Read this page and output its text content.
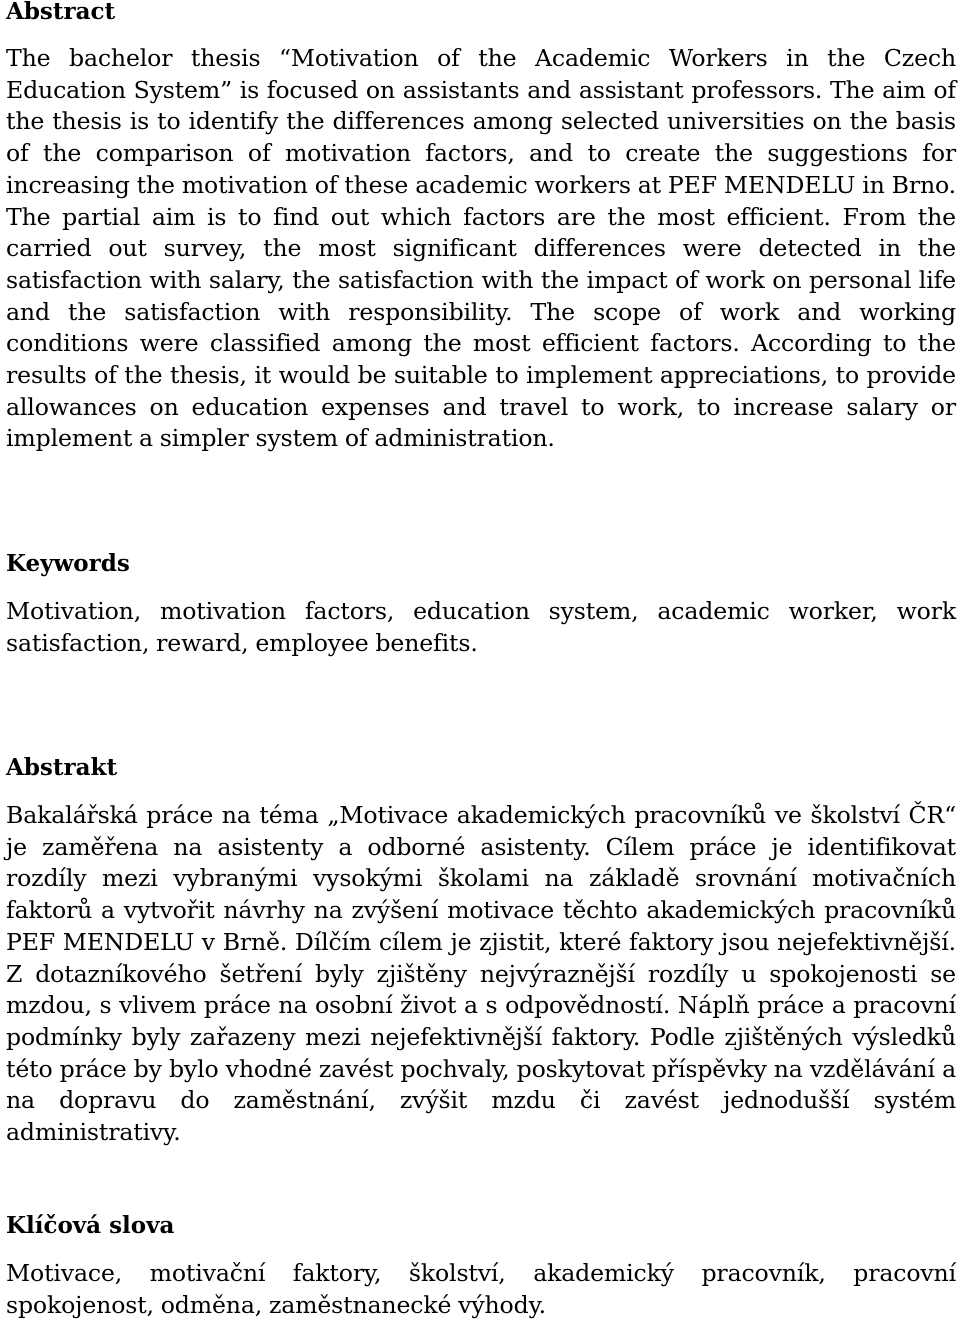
Abstract

The bachelor thesis “Motivation of the Academic Workers in the Czech Education System” is focused on assistants and assistant professors. The aim of the thesis is to identify the differences among selected universities on the basis of the comparison of motivation factors, and to create the suggestions for increasing the motivation of these academic workers at PEF MENDELU in Brno. The partial aim is to find out which factors are the most efficient. From the carried out survey, the most significant differences were detected in the satisfaction with salary, the satisfaction with the impact of work on personal life and the satisfaction with responsibility. The scope of work and working conditions were classified among the most efficient factors. According to the results of the thesis, it would be suitable to implement appreciations, to provide allowances on education expenses and travel to work, to increase salary or implement a simpler system of administration.

Keywords

Motivation, motivation factors, education system, academic worker, work satisfaction, reward, employee benefits.

Abstrakt

Bakalářská práce na téma „Motivace akademických pracovníků ve školství ČR“ je zaměřena na asistenty a odborné asistenty. Cílem práce je identifikovat rozdíly mezi vybranými vysokými školami na základě srovnání motivačních faktorů a vytvořit návrhy na zvýšení motivace těchto akademických pracovníků PEF MENDELU v Brně. Dílčím cílem je zjistit, které faktory jsou nejefektivnější. Z dotazníkového šetření byly zjištěny nejvýraznější rozdíly u spokojenosti se mzdou, s vlivem práce na osobní život a s odpovědností. Náplň práce a pracovní podmínky byly zařazeny mezi nejefektivnější faktory. Podle zjištěných výsledků této práce by bylo vhodné zavést pochvaly, poskytovat příspěvky na vzdělávání a na dopravu do zaměstnání, zvýšit mzdu či zavést jednodušší systém administrativy.

Klíčová slova

Motivace, motivační faktory, školství, akademický pracovník, pracovní spokojenost, odměna, zaměstnanecké výhody.
